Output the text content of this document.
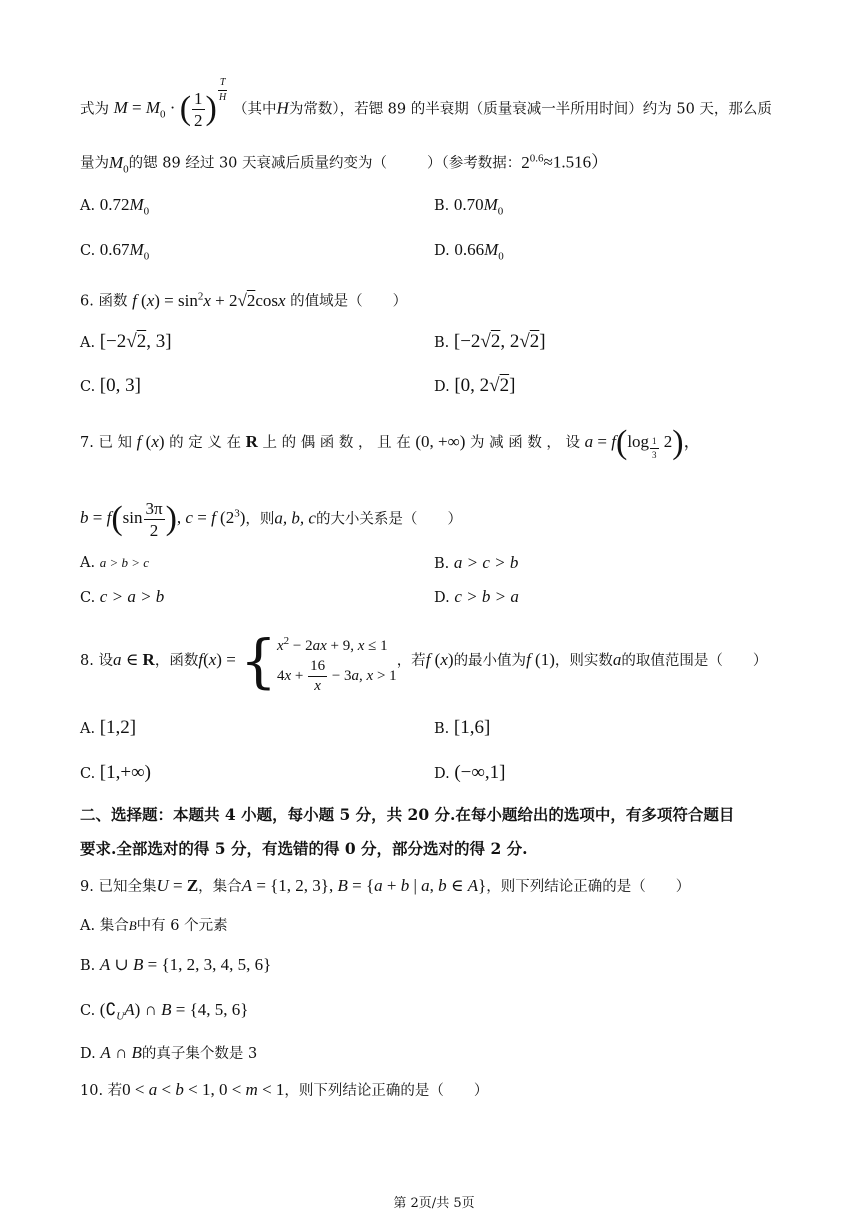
式为 $M = M_0$ · ( $\frac{1}{2}$ )
$^{\frac{T}{H}}$
（其中H为常数），若锶 89 的半衰期（质量衰减一半所用时间）约为 50 天，那么质
量为$M_0$的锶 89 经过 30 天衰减后质量约变为（	）（参考数据：$2^{0.6}\approx 1.516$）
A. $0.72M_0$	B. $0.70M_0$
C. $0.67M_0$	D. $0.66M_0$
6. 函数 f $(x) = \sin^2x + 2√2\cos x$ 的值域是（ ）
A. [−2√2, 3]	B. [−2√2, 2√2]
C. [0, 3]	D. [0, 2√2]
7. 已 知 f (x) 的 定 义 在 R 上 的 偶 函 数 ， 且 在 (0, +∞) 为 减 函 数 ， 设 a = f(log $_{\frac{1}{3}}$ 2)，
$b = f(\sin \frac{3\pi}{2}$ ), c = f $(2^3)$，则a, b, c的大小关系是（ ）
A. a > b > c	B. a > c > b
C. c > a > b	D. c > b > a
8. 设a ∈ R，函数f(x) = { $x^2 - 2ax + 9$, x ≤ 1
$4x + \frac{16}{x} - 3a$, x > 1
，若f (x)的最小值为f (1)，则实数a的取值范围是（ ）
A. [1,2]	B. [1,6]
C. [1,+∞)	D. (−∞,1]
二、选择题：本题共 4 小题，每小题 5 分，共 20 分.在每小题给出的选项中，有多项符合题目
要求.全部选对的得 5 分，有选错的得 0 分，部分选对的得 2 分.
9. 已知全集U = Z，集合A = {1, 2, 3}, B = {a + b | a, b ∈ A}，则下列结论正确的是（ ）
A. 集合B中有 6 个元素
B. A ∪ B = {1, 2, 3, 4, 5, 6}
C. $(∁_UA)$ ∩ B = {4, 5, 6}
D. A ∩ B的真子集个数是 3
10. 若0 < a < b < 1, 0 < m < 1，则下列结论正确的是（ ）
第 2页/共 5页
